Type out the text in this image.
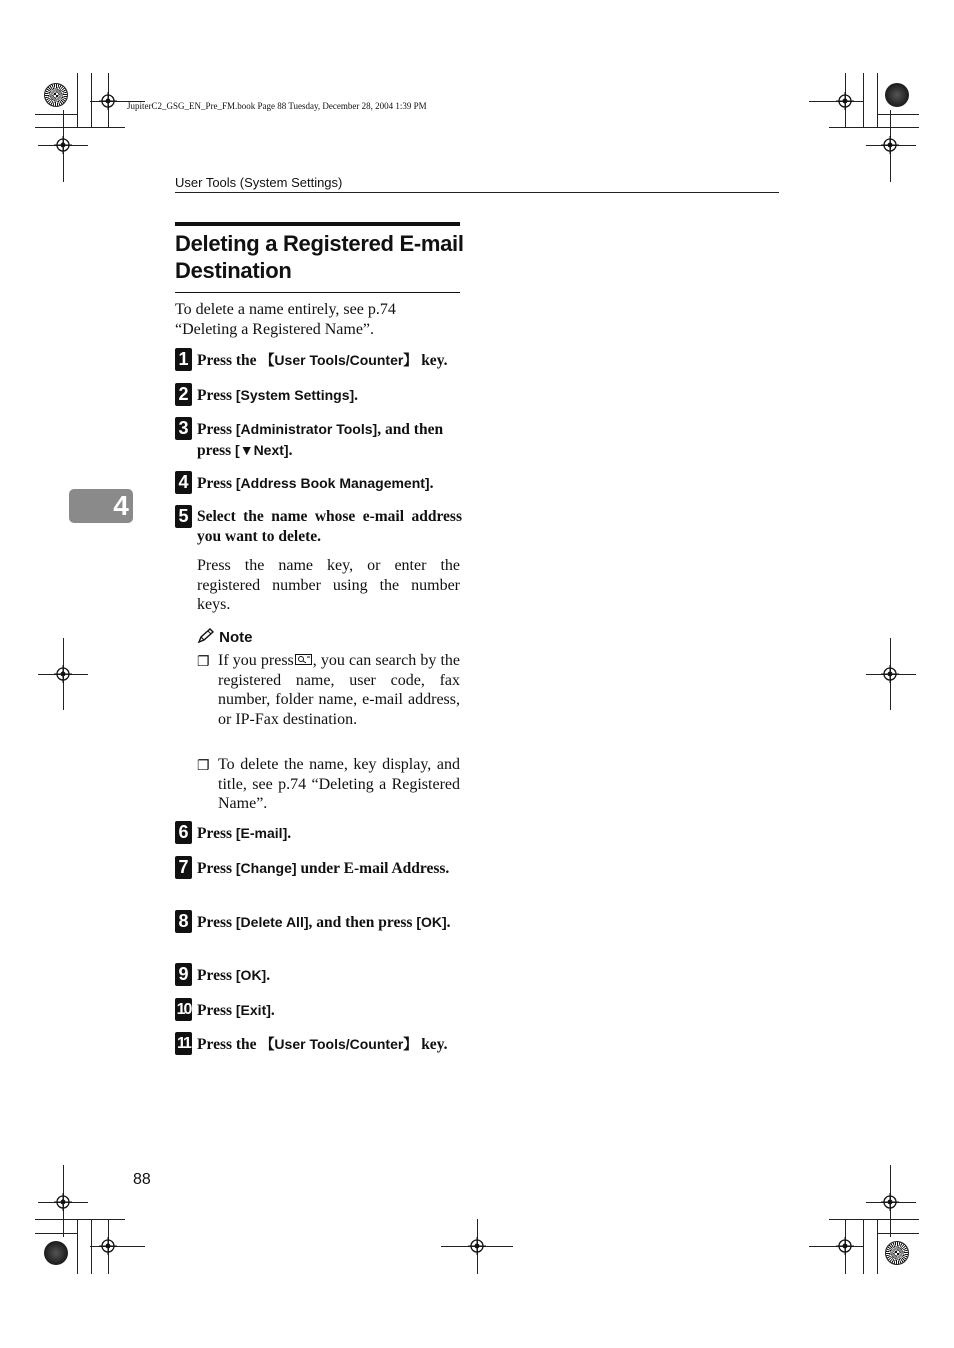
JupiterC2_GSG_EN_Pre_FM.book Page 88 Tuesday, December 28, 2004 1:39 PM
User Tools (System Settings)
4
Deleting a Registered E-mail Destination
To delete a name entirely, see p.74 “Deleting a Registered Name”.
1 Press the 【User Tools/Counter】 key.
2 Press [System Settings].
3 Press [Administrator Tools], and then press [▼Next].
4 Press [Address Book Management].
5 Select the name whose e-mail address you want to delete.
Press the name key, or enter the registered number using the number keys.
Note
❐ If you press , you can search by the registered name, user code, fax number, folder name, e-mail address, or IP-Fax destination.
❐ To delete the name, key display, and title, see p.74 “Deleting a Registered Name”.
6 Press [E-mail].
7 Press [Change] under E-mail Address.
8 Press [Delete All], and then press [OK].
9 Press [OK].
10 Press [Exit].
11 Press the 【User Tools/Counter】 key.
88
